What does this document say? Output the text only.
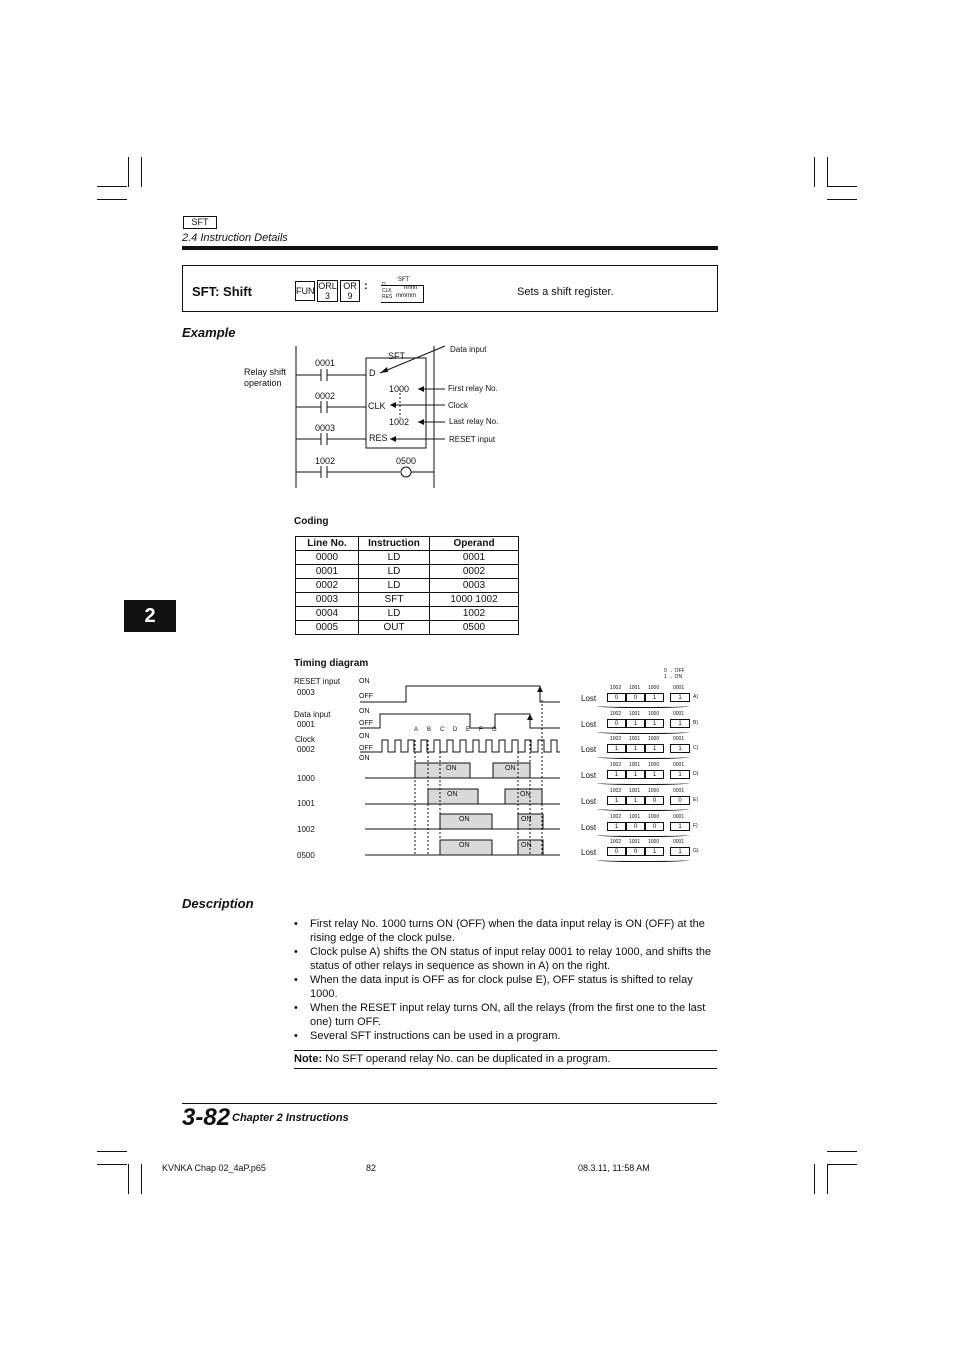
SFT
2.4 Instruction Details
SFT: Shift	FUN ORL
3
OR
9
:	SFT
D
CLK
RES
nnnn
mmmm	Sets a shift register.
Example
Relay shift
operation
0001
0002
0003
1002	0500
SFT
D
CLK
RES
1000
1002
Data input
First relay No.
Clock
Last relay No.
RESET input
Coding
Line No.	Instruction	Operand
0000	LD	0001
0001	LD	0002
0002	LD	0003
0003	SFT	1000 1002
0004	LD	1002
0005	OUT	0500
2
Timing diagram
RESET input
0003
Data input
0001
Clock
0002
1000
1001
1002
0500
ON
OFF
ON
OFF
ON
OFF
ON
ON	ON
ON	ON
ON	ON
ON	ON
A B C D E F G
0 → OFF
1 → ON
1002 1001 1000	0001
Lost	0	0	1	1	A)
1002 1001 1000	0001
Lost	0	1	1	1	B)
1002 1001 1000	0001
Lost	1	1	1	1	C)
1002 1001 1000	0001
Lost	1	1	1	1	D)
1002 1001 1000	0001
Lost	1	1	0	0	E)
1002 1001 1000	0001
Lost	1	0	0	1	F)
1002 1001 1000	0001
Lost	0	0	1	1	G)
Description
• First relay No. 1000 turns ON (OFF) when the data input relay is ON (OFF) at the rising edge of the clock pulse.
• Clock pulse A) shifts the ON status of input relay 0001 to relay 1000, and shifts the status of other relays in sequence as shown in A) on the right.
• When the data input is OFF as for clock pulse E), OFF status is shifted to relay 1000.
• When the RESET input relay turns ON, all the relays (from the first one to the last one) turn OFF.
• Several SFT instructions can be used in a program.
Note: No SFT operand relay No. can be duplicated in a program.
3-82 Chapter 2 Instructions
KVNKA Chap 02_4aP.p65	82	08.3.11, 11:58 AM
